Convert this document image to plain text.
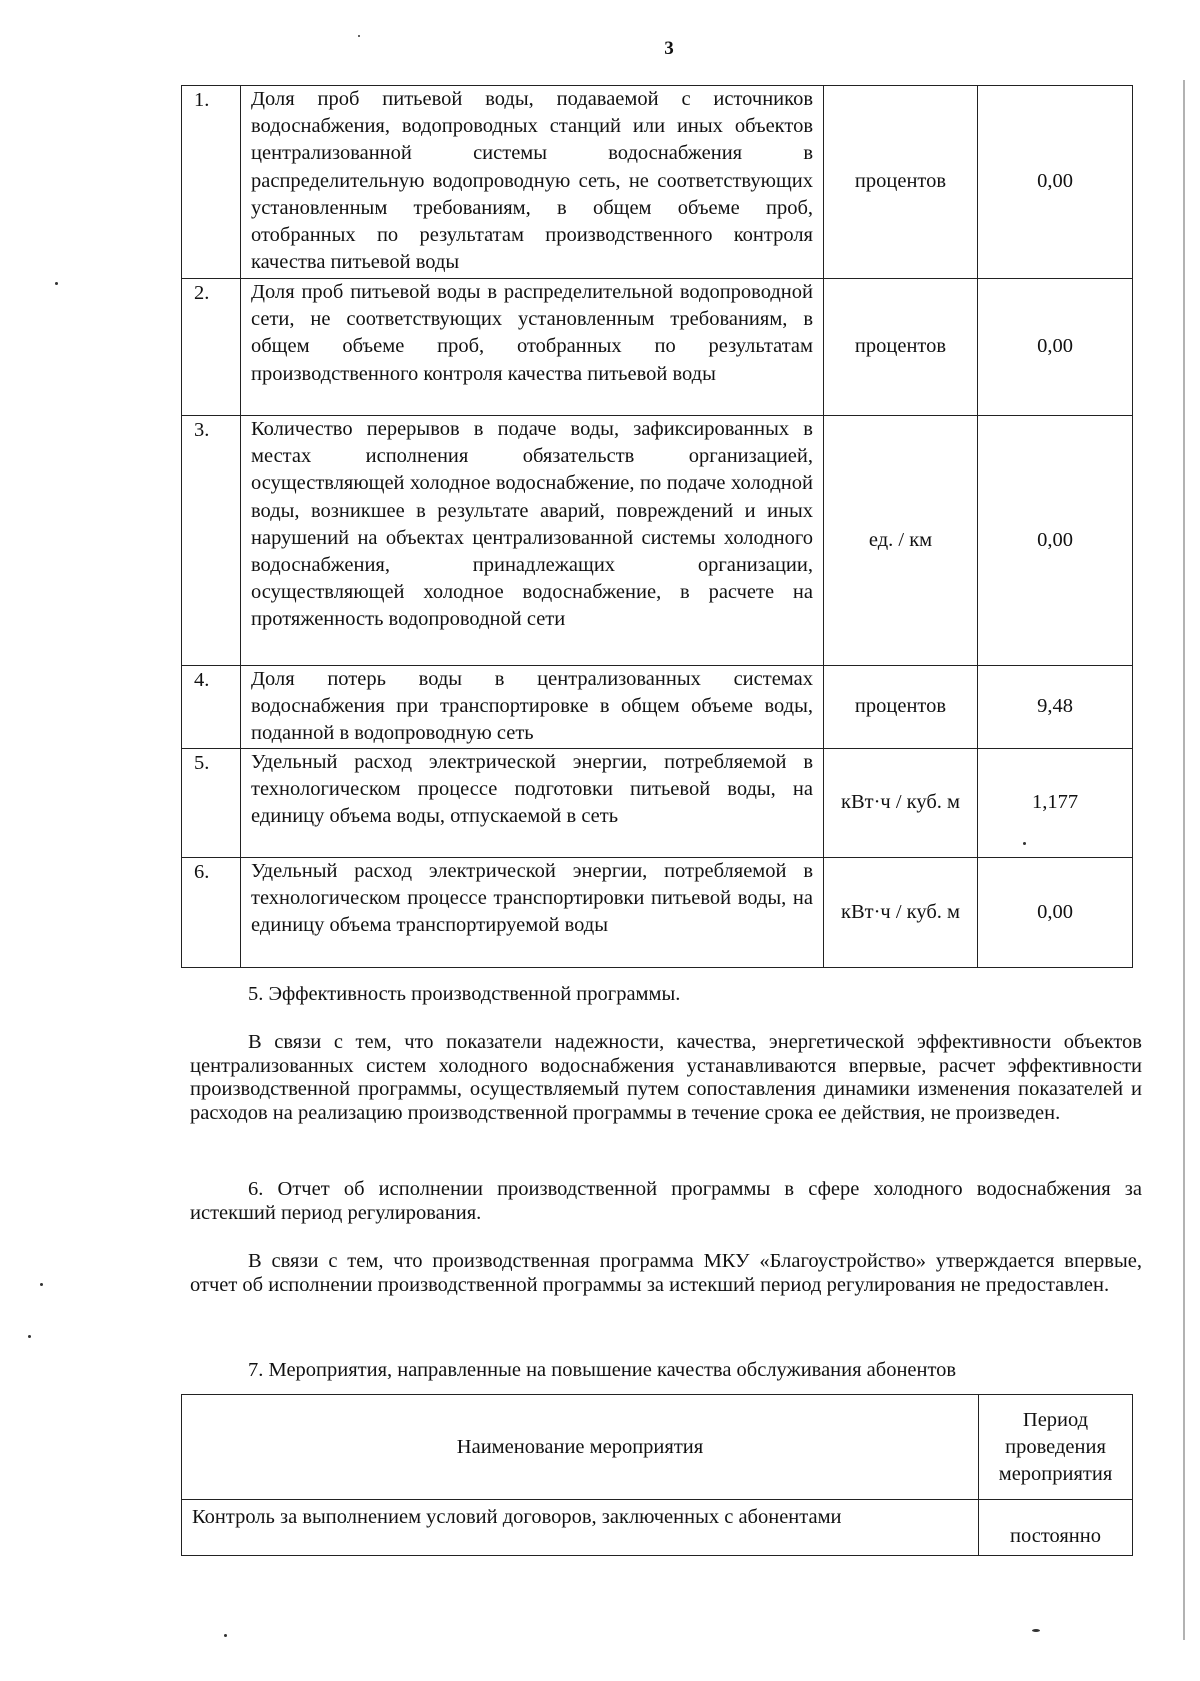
3
1.	Доля проб питьевой воды, подаваемой с источников водоснабжения, водопроводных станций или иных объектов централизованной системы водоснабжения в распределительную водопроводную сеть, не соответствующих установленным требованиям, в общем объеме проб, отобранных по результатам производственного контроля качества питьевой воды	процентов	0,00
2.	Доля проб питьевой воды в распределительной водопроводной сети, не соответствующих установленным требованиям, в общем объеме проб, отобранных по результатам производственного контроля качества питьевой воды	процентов	0,00
3.	Количество перерывов в подаче воды, зафиксированных в местах исполнения обязательств организацией, осуществляющей холодное водоснабжение, по подаче холодной воды, возникшее в результате аварий, повреждений и иных нарушений на объектах централизованной системы холодного водоснабжения, принадлежащих организации, осуществляющей холодное водоснабжение, в расчете на протяженность водопроводной сети	ед. / км	0,00
4.	Доля потерь воды в централизованных системах водоснабжения при транспортировке в общем объеме воды, поданной в водопроводную сеть	процентов	9,48
5.	Удельный расход электрической энергии, потребляемой в технологическом процессе подготовки питьевой воды, на единицу объема воды, отпускаемой в сеть	кВт·ч / куб. м	1,177
6.	Удельный расход электрической энергии, потребляемой в технологическом процессе транспортировки питьевой воды, на единицу объема транспортируемой воды	кВт·ч / куб. м	0,00
5. Эффективность производственной программы.
В связи с тем, что показатели надежности, качества, энергетической эффективности объектов централизованных систем холодного водоснабжения устанавливаются впервые, расчет эффективности производственной программы, осуществляемый путем сопоставления динамики изменения показателей и расходов на реализацию производственной программы в течение срока ее действия, не произведен.
6. Отчет об исполнении производственной программы в сфере холодного водоснабжения за истекший период регулирования.
В связи с тем, что производственная программа МКУ «Благоустройство» утверждается впервые, отчет об исполнении производственной программы за истекший период регулирования не предоставлен.
7. Мероприятия, направленные на повышение качества обслуживания абонентов
Наименование мероприятия	Период проведения мероприятия
Контроль за выполнением условий договоров, заключенных с абонентами	постоянно
